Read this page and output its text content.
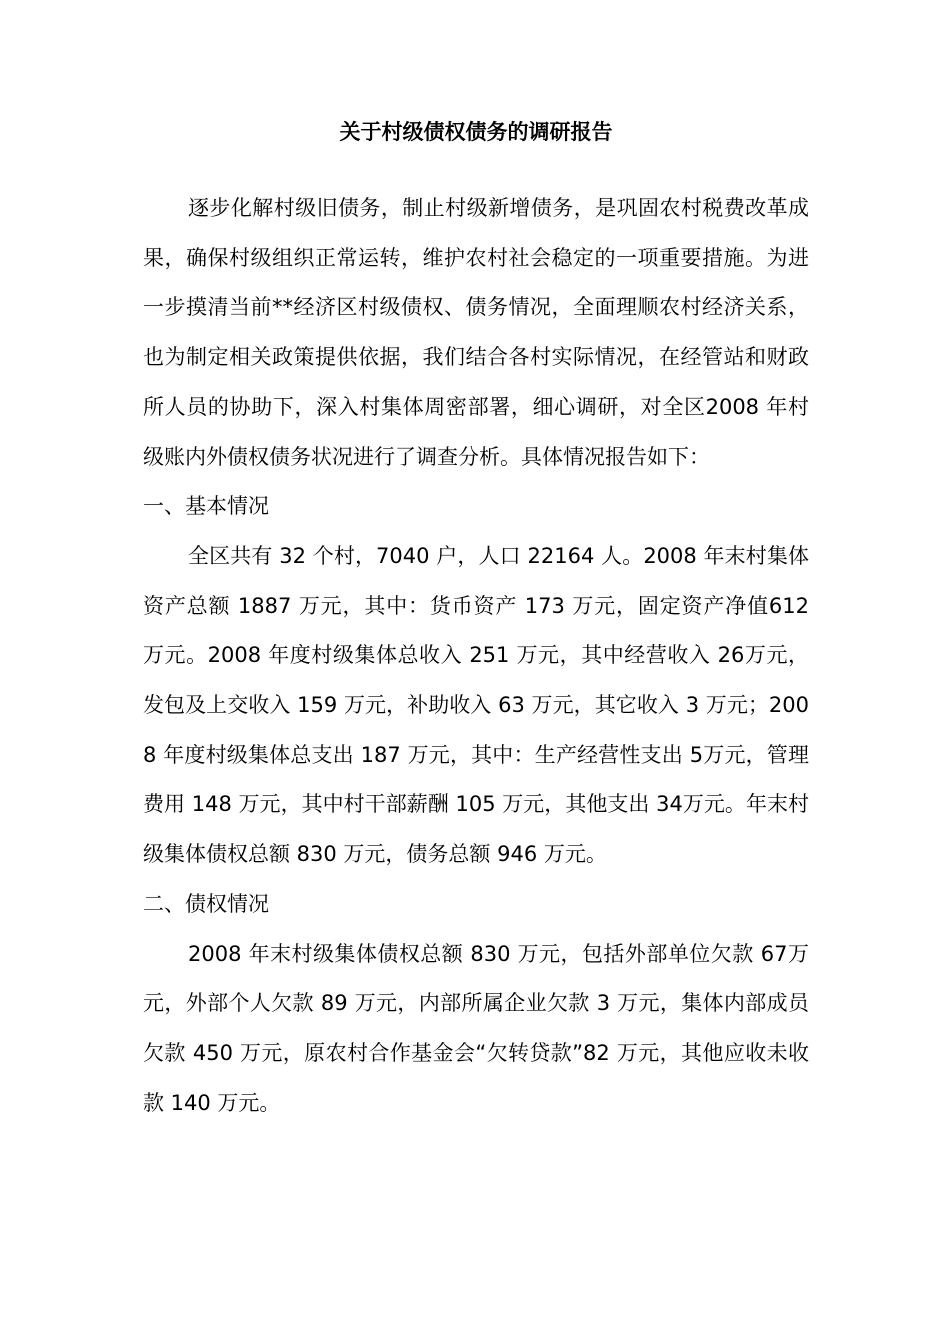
关于村级债权债务的调研报告

逐步化解村级旧债务，制止村级新增债务，是巩固农村税费改革成果，确保村级组织正常运转，维护农村社会稳定的一项重要措施。为进一步摸清当前**经济区村级债权、债务情况，全面理顺农村经济关系，也为制定相关政策提供依据，我们结合各村实际情况，在经管站和财政所人员的协助下，深入村集体周密部署，细心调研，对全区2008 年村级账内外债权债务状况进行了调查分析。具体情况报告如下：

一、基本情况

全区共有 32 个村，7040 户，人口 22164 人。2008 年末村集体资产总额 1887 万元，其中：货币资产 173 万元，固定资产净值612 万元。2008 年度村级集体总收入 251 万元，其中经营收入 26万元，发包及上交收入 159 万元，补助收入 63 万元，其它收入 3 万元；2008 年度村级集体总支出 187 万元，其中：生产经营性支出 5万元，管理费用 148 万元，其中村干部薪酬 105 万元，其他支出 34万元。年末村级集体债权总额 830 万元，债务总额 946 万元。

二、债权情况

2008 年末村级集体债权总额 830 万元，包括外部单位欠款 67万元，外部个人欠款 89 万元，内部所属企业欠款 3 万元，集体内部成员欠款 450 万元，原农村合作基金会“欠转贷款”82 万元，其他应收未收款 140 万元。
